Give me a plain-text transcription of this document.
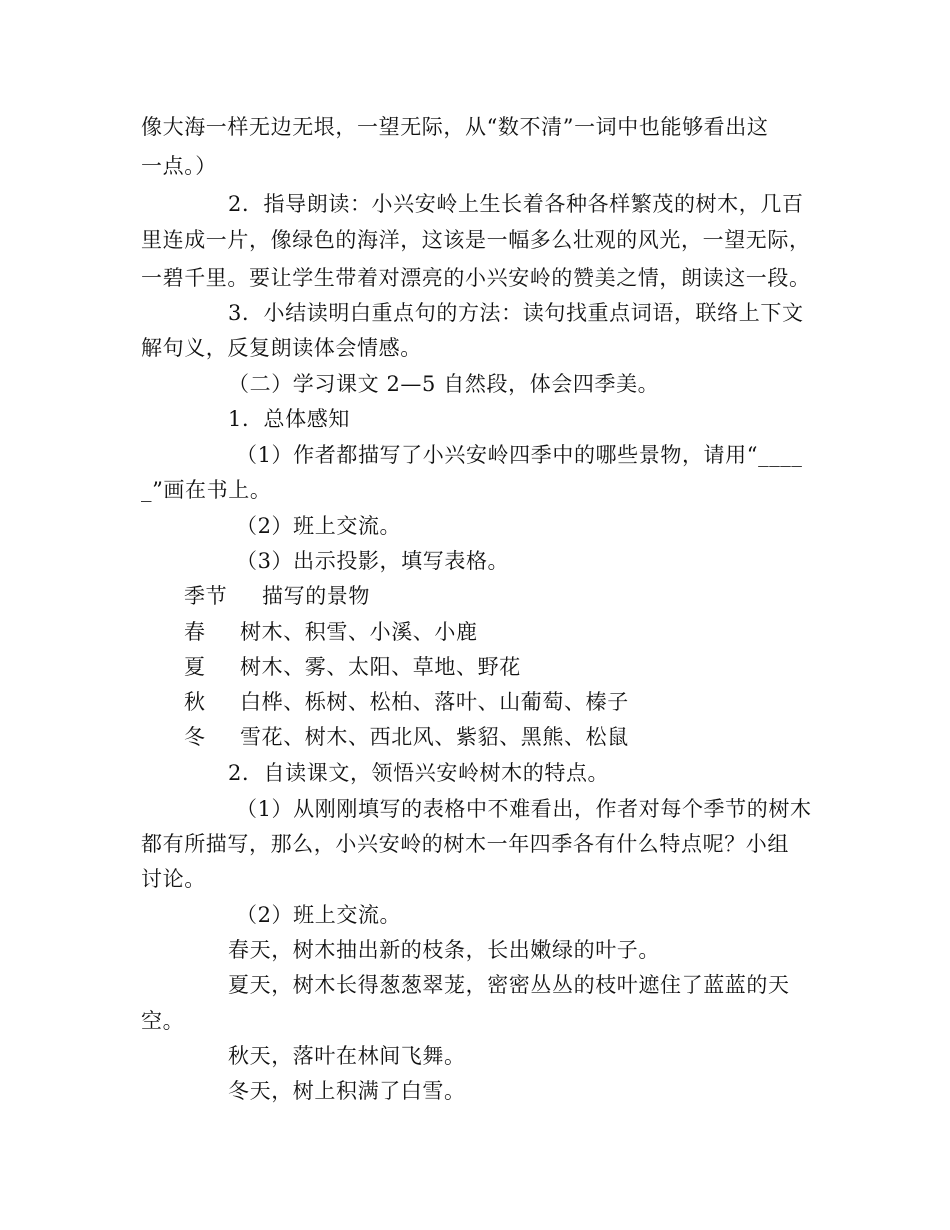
像大海一样无边无垠，一望无际，从“数不清”一词中也能够看出这
一点。）
2．指导朗读：小兴安岭上生长着各种各样繁茂的树木，几百
里连成一片，像绿色的海洋，这该是一幅多么壮观的风光，一望无际，
一碧千里。要让学生带着对漂亮的小兴安岭的赞美之情，朗读这一段。
3．小结读明白重点句的方法：读句找重点词语，联络上下文
解句义，反复朗读体会情感。
（二）学习课文 2—5 自然段，体会四季美。
1．总体感知
（1）作者都描写了小兴安岭四季中的哪些景物，请用“____
_”画在书上。
（2）班上交流。
（3）出示投影，填写表格。
季节 描写的景物
春 树木、积雪、小溪、小鹿
夏 树木、雾、太阳、草地、野花
秋 白桦、栎树、松柏、落叶、山葡萄、榛子
冬 雪花、树木、西北风、紫貂、黑熊、松鼠
2．自读课文，领悟兴安岭树木的特点。
（1）从刚刚填写的表格中不难看出，作者对每个季节的树木
都有所描写，那么，小兴安岭的树木一年四季各有什么特点呢？小组
讨论。
（2）班上交流。
春天，树木抽出新的枝条，长出嫩绿的叶子。
夏天，树木长得葱葱翠茏，密密丛丛的枝叶遮住了蓝蓝的天
空。
秋天，落叶在林间飞舞。
冬天，树上积满了白雪。
